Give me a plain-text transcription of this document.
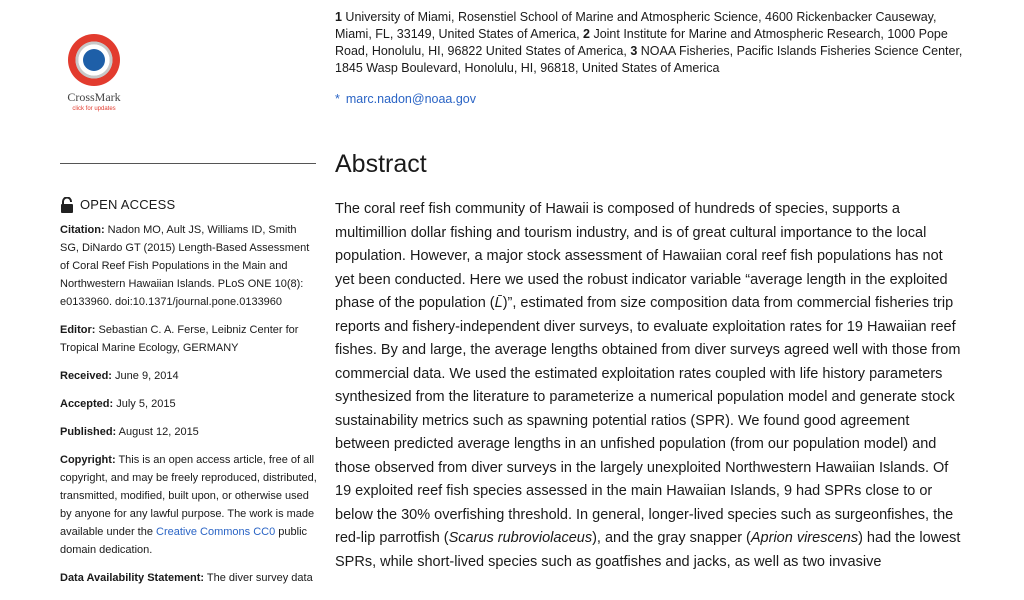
CrossMark
click for updates
OPEN ACCESS
Citation: Nadon MO, Ault JS, Williams ID, Smith SG, DiNardo GT (2015) Length-Based Assessment of Coral Reef Fish Populations in the Main and Northwestern Hawaiian Islands. PLoS ONE 10(8): e0133960. doi:10.1371/journal.pone.0133960
Editor: Sebastian C. A. Ferse, Leibniz Center for Tropical Marine Ecology, GERMANY
Received: June 9, 2014
Accepted: July 5, 2015
Published: August 12, 2015
Copyright: This is an open access article, free of all copyright, and may be freely reproduced, distributed, transmitted, modified, built upon, or otherwise used by anyone for any lawful purpose. The work is made available under the Creative Commons CC0 public domain dedication.
Data Availability Statement: The diver survey data
1 University of Miami, Rosenstiel School of Marine and Atmospheric Science, 4600 Rickenbacker Causeway, Miami, FL, 33149, United States of America, 2 Joint Institute for Marine and Atmospheric Research, 1000 Pope Road, Honolulu, HI, 96822 United States of America, 3 NOAA Fisheries, Pacific Islands Fisheries Science Center, 1845 Wasp Boulevard, Honolulu, HI, 96818, United States of America
* marc.nadon@noaa.gov
Abstract

The coral reef fish community of Hawaii is composed of hundreds of species, supports a multimillion dollar fishing and tourism industry, and is of great cultural importance to the local population. However, a major stock assessment of Hawaiian coral reef fish populations has not yet been conducted. Here we used the robust indicator variable “average length in the exploited phase of the population (L̄)”, estimated from size composition data from commercial fisheries trip reports and fishery-independent diver surveys, to evaluate exploitation rates for 19 Hawaiian reef fishes. By and large, the average lengths obtained from diver surveys agreed well with those from commercial data. We used the estimated exploitation rates coupled with life history parameters synthesized from the literature to parameterize a numerical population model and generate stock sustainability metrics such as spawning potential ratios (SPR). We found good agreement between predicted average lengths in an unfished population (from our population model) and those observed from diver surveys in the largely unexploited Northwestern Hawaiian Islands. Of 19 exploited reef fish species assessed in the main Hawaiian Islands, 9 had SPRs close to or below the 30% overfishing threshold. In general, longer-lived species such as surgeonfishes, the red-lip parrotfish (Scarus rubroviolaceus), and the gray snapper (Aprion virescens) had the lowest SPRs, while short-lived species such as goatfishes and jacks, as well as two invasive
